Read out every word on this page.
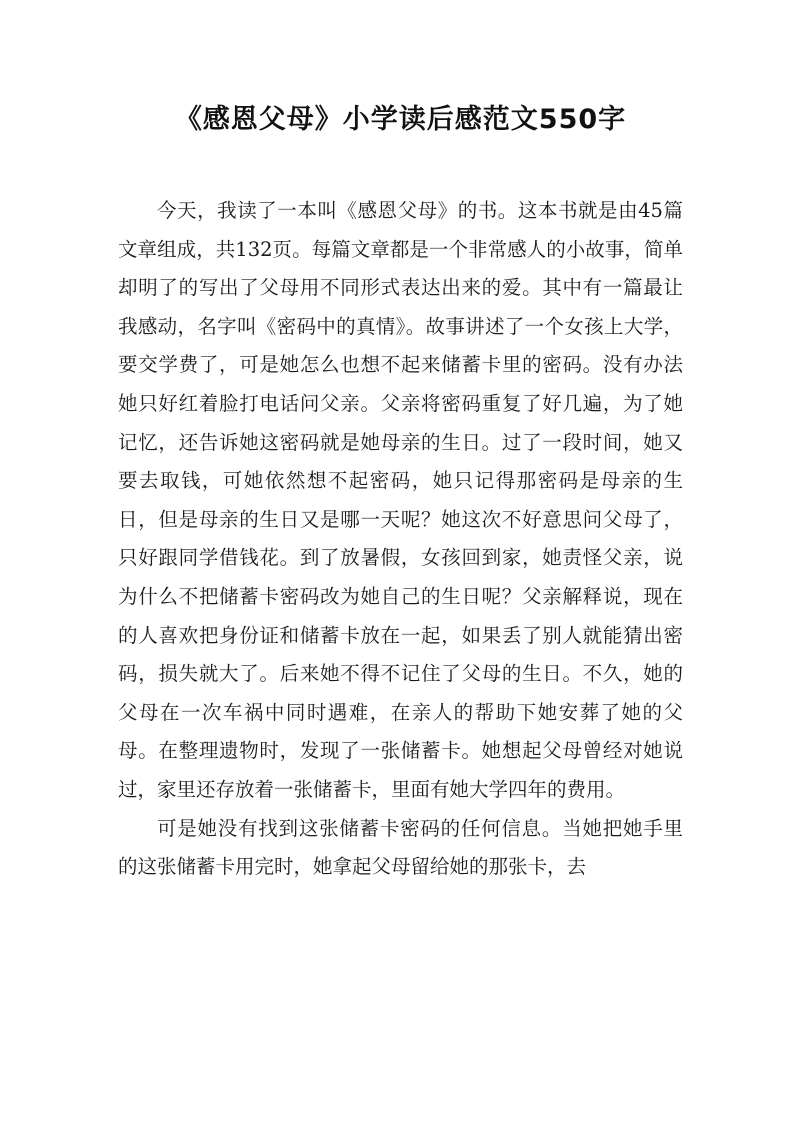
《感恩父母》小学读后感范文550字

今天，我读了一本叫《感恩父母》的书。这本书就是由45篇文章组成，共132页。每篇文章都是一个非常感人的小故事，简单却明了的写出了父母用不同形式表达出来的爱。其中有一篇最让我感动，名字叫《密码中的真情》。故事讲述了一个女孩上大学，要交学费了，可是她怎么也想不起来储蓄卡里的密码。没有办法她只好红着脸打电话问父亲。父亲将密码重复了好几遍，为了她记忆，还告诉她这密码就是她母亲的生日。过了一段时间，她又要去取钱，可她依然想不起密码，她只记得那密码是母亲的生日，但是母亲的生日又是哪一天呢？她这次不好意思问父母了，只好跟同学借钱花。到了放暑假，女孩回到家，她责怪父亲，说为什么不把储蓄卡密码改为她自己的生日呢？父亲解释说，现在的人喜欢把身份证和储蓄卡放在一起，如果丢了别人就能猜出密码，损失就大了。后来她不得不记住了父母的生日。不久，她的父母在一次车祸中同时遇难，在亲人的帮助下她安葬了她的父母。在整理遗物时，发现了一张储蓄卡。她想起父母曾经对她说过，家里还存放着一张储蓄卡，里面有她大学四年的费用。

可是她没有找到这张储蓄卡密码的任何信息。当她把她手里的这张储蓄卡用完时，她拿起父母留给她的那张卡，去
